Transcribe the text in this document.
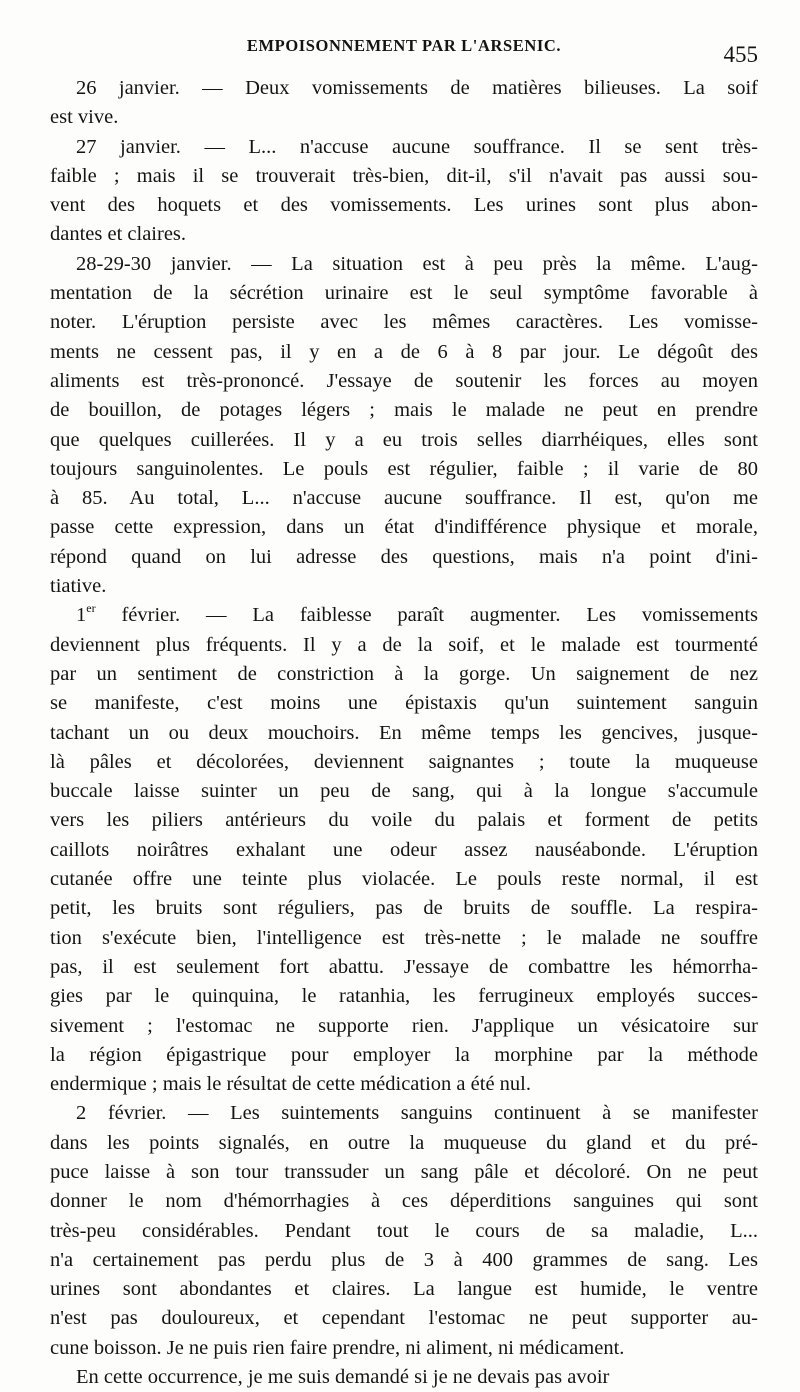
EMPOISONNEMENT PAR L'ARSENIC.	455
26 janvier. — Deux vomissements de matières bilieuses. La soif
est vive.
27 janvier. — L... n'accuse aucune souffrance. Il se sent très-
faible ; mais il se trouverait très-bien, dit-il, s'il n'avait pas aussi sou-
vent des hoquets et des vomissements. Les urines sont plus abon-
dantes et claires.
28-29-30 janvier. — La situation est à peu près la même. L'aug-
mentation de la sécrétion urinaire est le seul symptôme favorable à
noter. L'éruption persiste avec les mêmes caractères. Les vomisse-
ments ne cessent pas, il y en a de 6 à 8 par jour. Le dégoût des
aliments est très-prononcé. J'essaye de soutenir les forces au moyen
de bouillon, de potages légers ; mais le malade ne peut en prendre
que quelques cuillerées. Il y a eu trois selles diarrhéiques, elles sont
toujours sanguinolentes. Le pouls est régulier, faible ; il varie de 80
à 85. Au total, L... n'accuse aucune souffrance. Il est, qu'on me
passe cette expression, dans un état d'indifférence physique et morale,
répond quand on lui adresse des questions, mais n'a point d'ini-
tiative.
1er février. — La faiblesse paraît augmenter. Les vomissements
deviennent plus fréquents. Il y a de la soif, et le malade est tourmenté
par un sentiment de constriction à la gorge. Un saignement de nez
se manifeste, c'est moins une épistaxis qu'un suintement sanguin
tachant un ou deux mouchoirs. En même temps les gencives, jusque-
là pâles et décolorées, deviennent saignantes ; toute la muqueuse
buccale laisse suinter un peu de sang, qui à la longue s'accumule
vers les piliers antérieurs du voile du palais et forment de petits
caillots noirâtres exhalant une odeur assez nauséabonde. L'éruption
cutanée offre une teinte plus violacée. Le pouls reste normal, il est
petit, les bruits sont réguliers, pas de bruits de souffle. La respira-
tion s'exécute bien, l'intelligence est très-nette ; le malade ne souffre
pas, il est seulement fort abattu. J'essaye de combattre les hémorrha-
gies par le quinquina, le ratanhia, les ferrugineux employés succes-
sivement ; l'estomac ne supporte rien. J'applique un vésicatoire sur
la région épigastrique pour employer la morphine par la méthode
endermique ; mais le résultat de cette médication a été nul.
2 février. — Les suintements sanguins continuent à se manifester
dans les points signalés, en outre la muqueuse du gland et du pré-
puce laisse à son tour transsuder un sang pâle et décoloré. On ne peut
donner le nom d'hémorrhagies à ces déperditions sanguines qui sont
très-peu considérables. Pendant tout le cours de sa maladie, L...
n'a certainement pas perdu plus de 3 à 400 grammes de sang. Les
urines sont abondantes et claires. La langue est humide, le ventre
n'est pas douloureux, et cependant l'estomac ne peut supporter au-
cune boisson. Je ne puis rien faire prendre, ni aliment, ni médicament.
En cette occurrence, je me suis demandé si je ne devais pas avoir
